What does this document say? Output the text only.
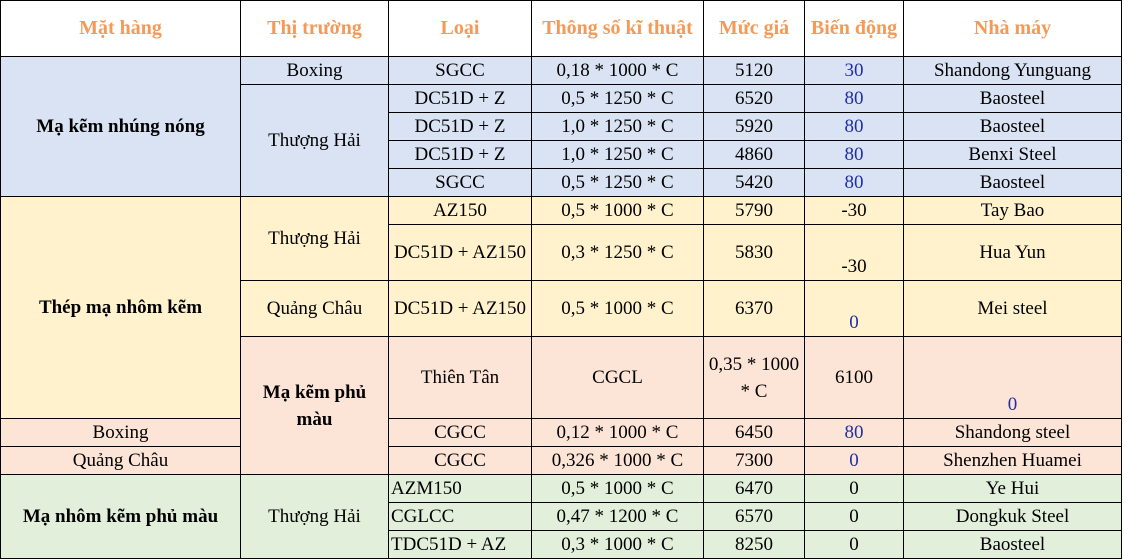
Mặt hàng	Thị trường	Loại	Thông số kĩ thuật	Mức giá	Biến động	Nhà máy	
Mạ kẽm nhúng nóng	Boxing	SGCC	0,18 * 1000 * C	5120	30	Shandong Yunguang	
	Thượng Hải	DC51D + Z	0,5 * 1250 * C	6520	80	Baosteel	
		DC51D + Z	1,0 * 1250 * C	5920	80	Baosteel	
		DC51D + Z	1,0 * 1250 * C	4860	80	Benxi Steel	
		SGCC	0,5 * 1250 * C	5420	80	Baosteel	
Thép mạ nhôm kẽm	Thượng Hải	AZ150	0,5 * 1000 * C	5790	-30	Tay Bao	
		DC51D + AZ150	0,3 * 1250 * C	5830	-30	Hua Yun	
	Quảng Châu	DC51D + AZ150	0,5 * 1000 * C	6370	0	Mei steel	
	Mạ kẽm phủ màu	Thiên Tân	CGCL	0,35 * 1000 * C	6100	0	
Boxing		CGCC	0,12 * 1000 * C	6450	80	Shandong steel	
Quảng Châu		CGCC	0,326 * 1000 * C	7300	0	Shenzhen Huamei	
Mạ nhôm kẽm phủ màu	Thượng Hải	AZM150	0,5 * 1000 * C	6470	0	Ye Hui	
		CGLCC	0,47 * 1200 * C	6570	0	Dongkuk Steel	
		TDC51D + AZ	0,3 * 1000 * C	8250	0	Baosteel	
